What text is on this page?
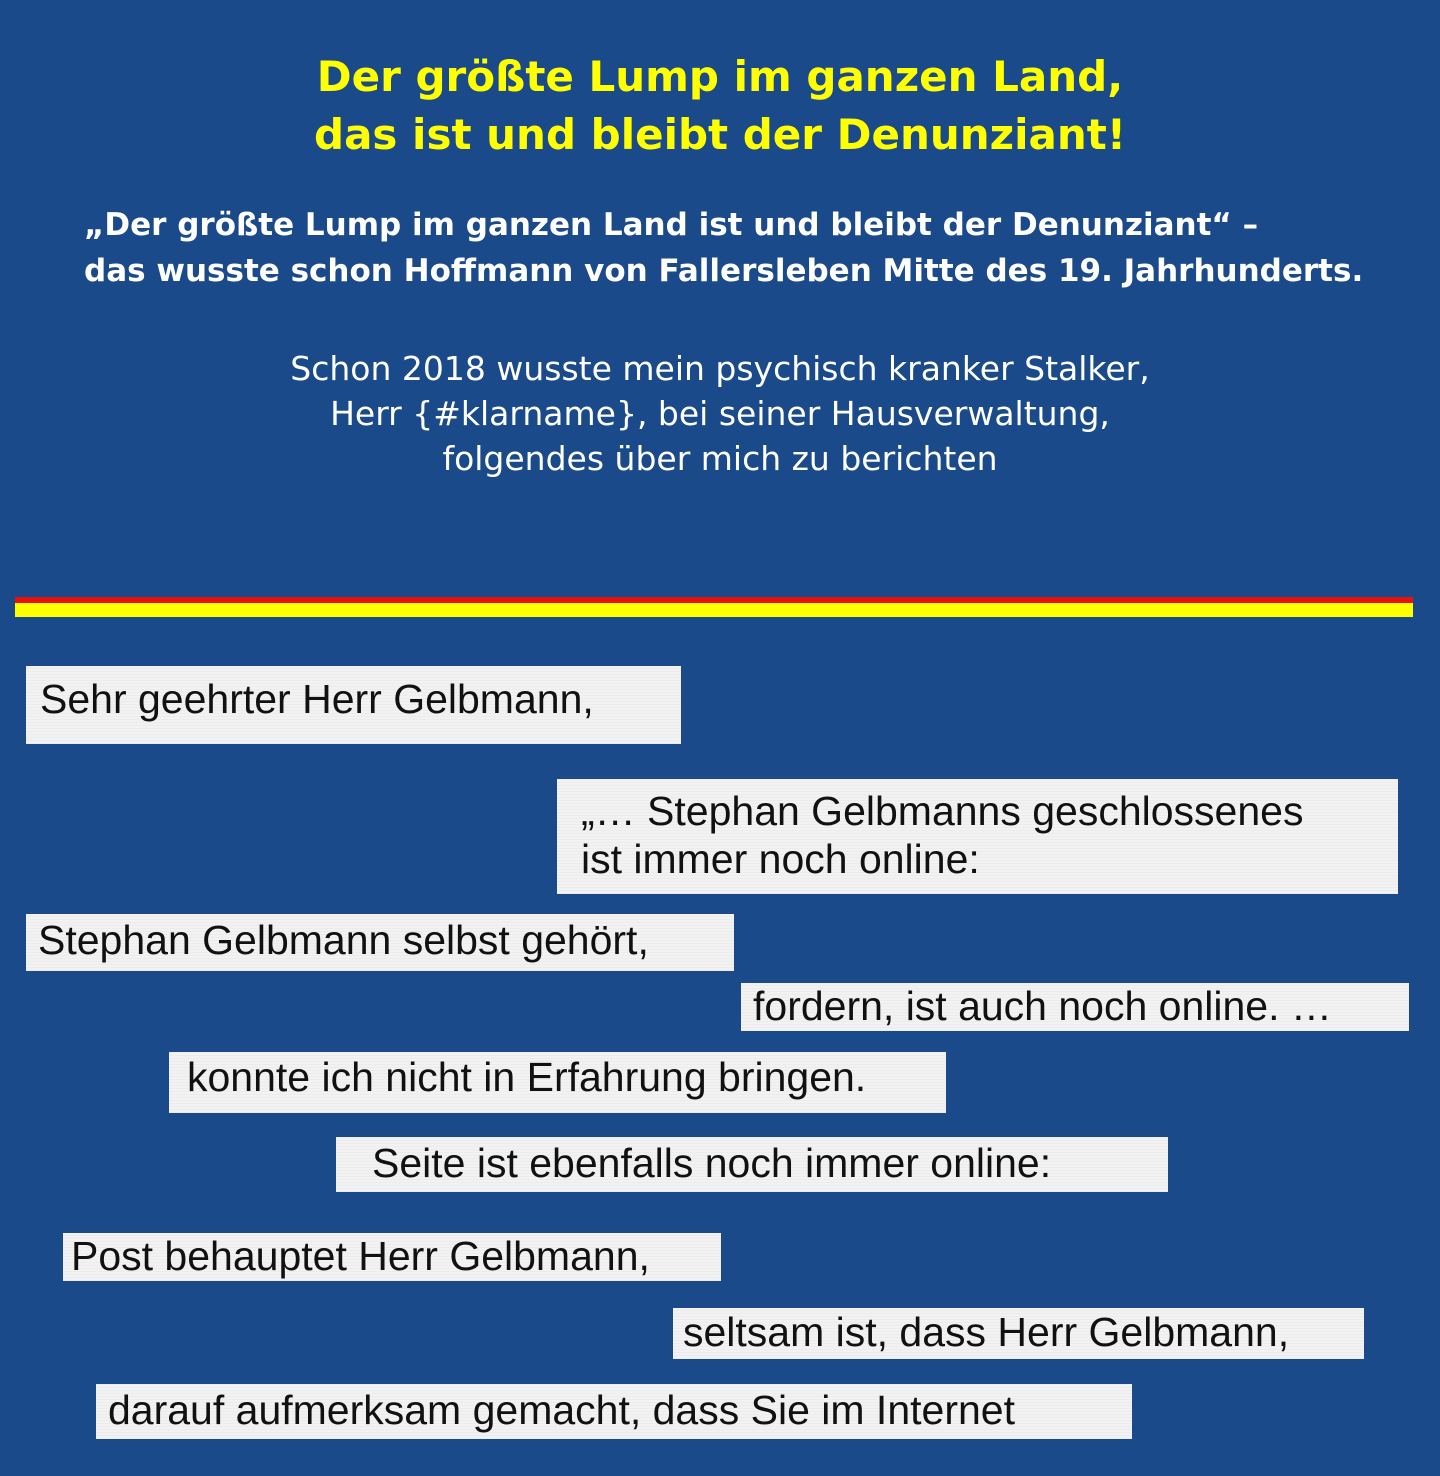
Der größte Lump im ganzen Land,
das ist und bleibt der Denunziant!

„Der größte Lump im ganzen Land ist und bleibt der Denunziant“ –
das wusste schon Hoffmann von Fallersleben Mitte des 19. Jahrhunderts.

Schon 2018 wusste mein psychisch kranker Stalker,
Herr {#klarname}, bei seiner Hausverwaltung,
folgendes über mich zu berichten

Sehr geehrter Herr Gelbmann,
„… Stephan Gelbmanns geschlossenes
ist immer noch online:
Stephan Gelbmann selbst gehört,
fordern, ist auch noch online. …
konnte ich nicht in Erfahrung bringen.
Seite ist ebenfalls noch immer online:
Post behauptet Herr Gelbmann,
seltsam ist, dass Herr Gelbmann,
darauf aufmerksam gemacht, dass Sie im Internet
